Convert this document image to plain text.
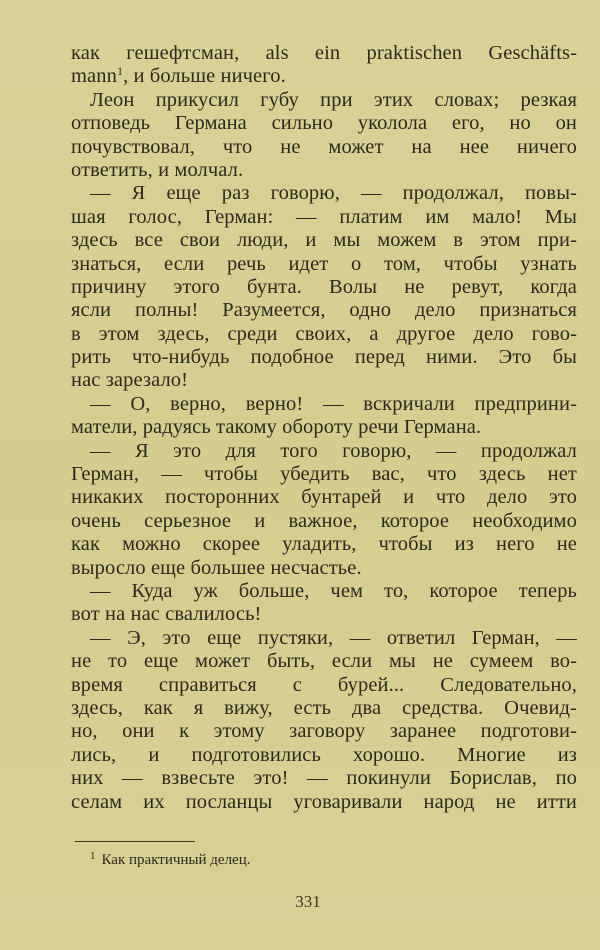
как гешефтсман, als ein praktischen Geschäfts-
mann$^1$, и больше ничего.
Леон прикусил губу при этих словах; резкая
отповедь Германа сильно уколола его, но он
почувствовал, что не может на нее ничего
ответить, и молчал.
— Я еще раз говорю, — продолжал, повы-
шая голос, Герман: — платим им мало! Мы
здесь все свои люди, и мы можем в этом при-
знаться, если речь идет о том, чтобы узнать
причину этого бунта. Волы не ревут, когда
ясли полны! Разумеется, одно дело признаться
в этом здесь, среди своих, а другое дело гово-
рить что-нибудь подобное перед ними. Это бы
нас зарезало!
— О, верно, верно! — вскричали предприни-
матели, радуясь такому обороту речи Германа.
— Я это для того говорю, — продолжал
Герман, — чтобы убедить вас, что здесь нет
никаких посторонних бунтарей и что дело это
очень серьезное и важное, которое необходимо
как можно скорее уладить, чтобы из него не
выросло еще большее несчастье.
— Куда уж больше, чем то, которое теперь
вот на нас свалилось!
— Э, это еще пустяки, — ответил Герман, —
не то еще может быть, если мы не сумеем во-
время справиться с бурей... Следовательно,
здесь, как я вижу, есть два средства. Очевид-
но, они к этому заговору заранее подготови-
лись, и подготовились хорошо. Многие из
них — взвесьте это! — покинули Борислав, по
селам их посланцы уговаривали народ не итти
$^1$ Как практичный делец.
331
